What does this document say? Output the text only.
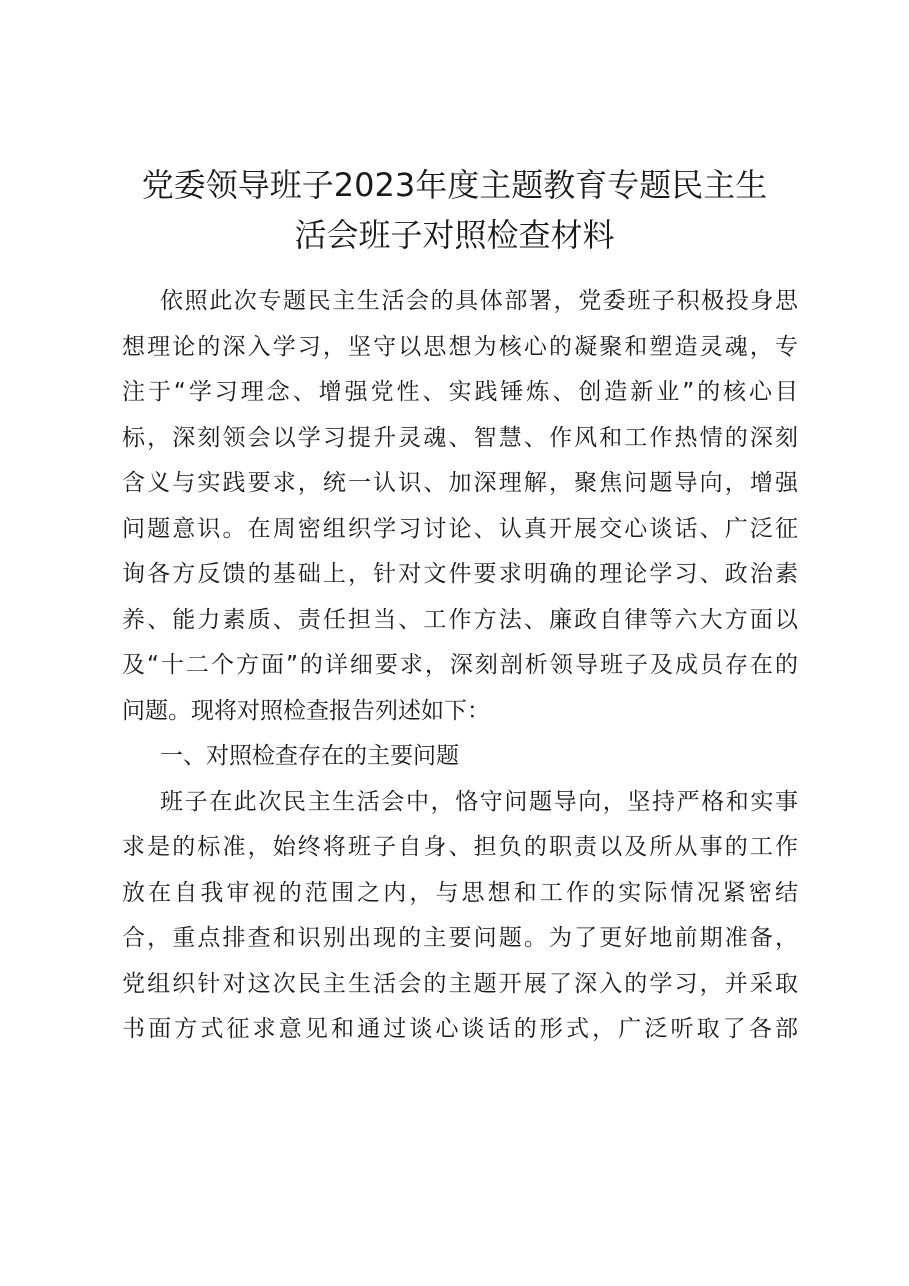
党委领导班子2023年度主题教育专题民主生
活会班子对照检查材料
依照此次专题民主生活会的具体部署，党委班子积极投身思
想理论的深入学习，坚守以思想为核心的凝聚和塑造灵魂，专
注于“学习理念、增强党性、实践锤炼、创造新业”的核心目
标，深刻领会以学习提升灵魂、智慧、作风和工作热情的深刻
含义与实践要求，统一认识、加深理解，聚焦问题导向，增强
问题意识。在周密组织学习讨论、认真开展交心谈话、广泛征
询各方反馈的基础上，针对文件要求明确的理论学习、政治素
养、能力素质、责任担当、工作方法、廉政自律等六大方面以
及“十二个方面”的详细要求，深刻剖析领导班子及成员存在的
问题。现将对照检查报告列述如下：
一、对照检查存在的主要问题
班子在此次民主生活会中，恪守问题导向，坚持严格和实事
求是的标准，始终将班子自身、担负的职责以及所从事的工作
放在自我审视的范围之内，与思想和工作的实际情况紧密结
合，重点排查和识别出现的主要问题。为了更好地前期准备，
党组织针对这次民主生活会的主题开展了深入的学习，并采取
书面方式征求意见和通过谈心谈话的形式，广泛听取了各部
